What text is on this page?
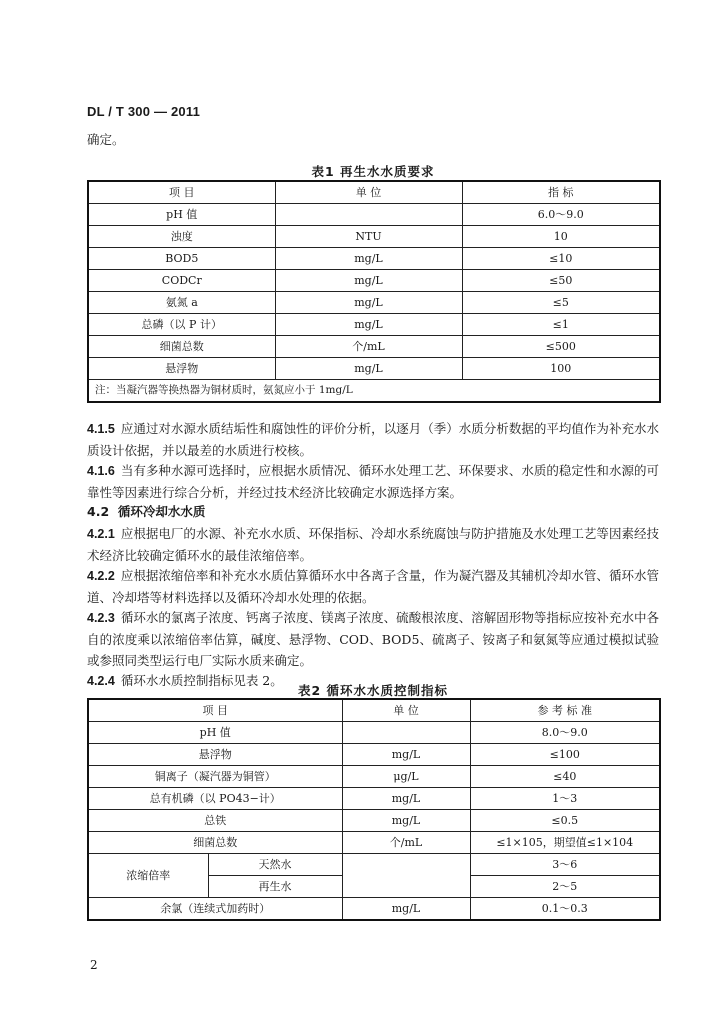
DL / T 300 — 2011
确定。
表1 再生水水质要求
项 目	单 位	指 标
pH 值		6.0～9.0
浊度	NTU	10
BOD5	mg/L	≤10
CODCr	mg/L	≤50
氨氮 a	mg/L	≤5
总磷（以 P 计）	mg/L	≤1
细菌总数	个/mL	≤500
悬浮物	mg/L	100
注：当凝汽器等换热器为铜材质时，氨氮应小于 1mg/L		
4.1.5 应通过对水源水质结垢性和腐蚀性的评价分析，以逐月（季）水质分析数据的平均值作为补充水水质设计依据，并以最差的水质进行校核。
4.1.6 当有多种水源可选择时，应根据水质情况、循环水处理工艺、环保要求、水质的稳定性和水源的可靠性等因素进行综合分析，并经过技术经济比较确定水源选择方案。
4.2 循环冷却水水质
4.2.1 应根据电厂的水源、补充水水质、环保指标、冷却水系统腐蚀与防护措施及水处理工艺等因素经技术经济比较确定循环水的最佳浓缩倍率。
4.2.2 应根据浓缩倍率和补充水水质估算循环水中各离子含量，作为凝汽器及其辅机冷却水管、循环水管道、冷却塔等材料选择以及循环冷却水处理的依据。
4.2.3 循环水的氯离子浓度、钙离子浓度、镁离子浓度、硫酸根浓度、溶解固形物等指标应按补充水中各自的浓度乘以浓缩倍率估算，碱度、悬浮物、COD、BOD5、硫离子、铵离子和氨氮等应通过模拟试验或参照同类型运行电厂实际水质来确定。
4.2.4 循环水水质控制指标见表 2。
表2 循环水水质控制指标
项 目		单 位	参 考 标 准
pH 值			8.0～9.0
悬浮物		mg/L	≤100
铜离子（凝汽器为铜管）		μg/L	≤40
总有机磷（以 PO43−计）		mg/L	1～3
总铁		mg/L	≤0.5
细菌总数		个/mL	≤1×105，期望值≤1×104
浓缩倍率	天然水		3～6
	再生水		2～5
余氯（连续式加药时）		mg/L	0.1～0.3
2
